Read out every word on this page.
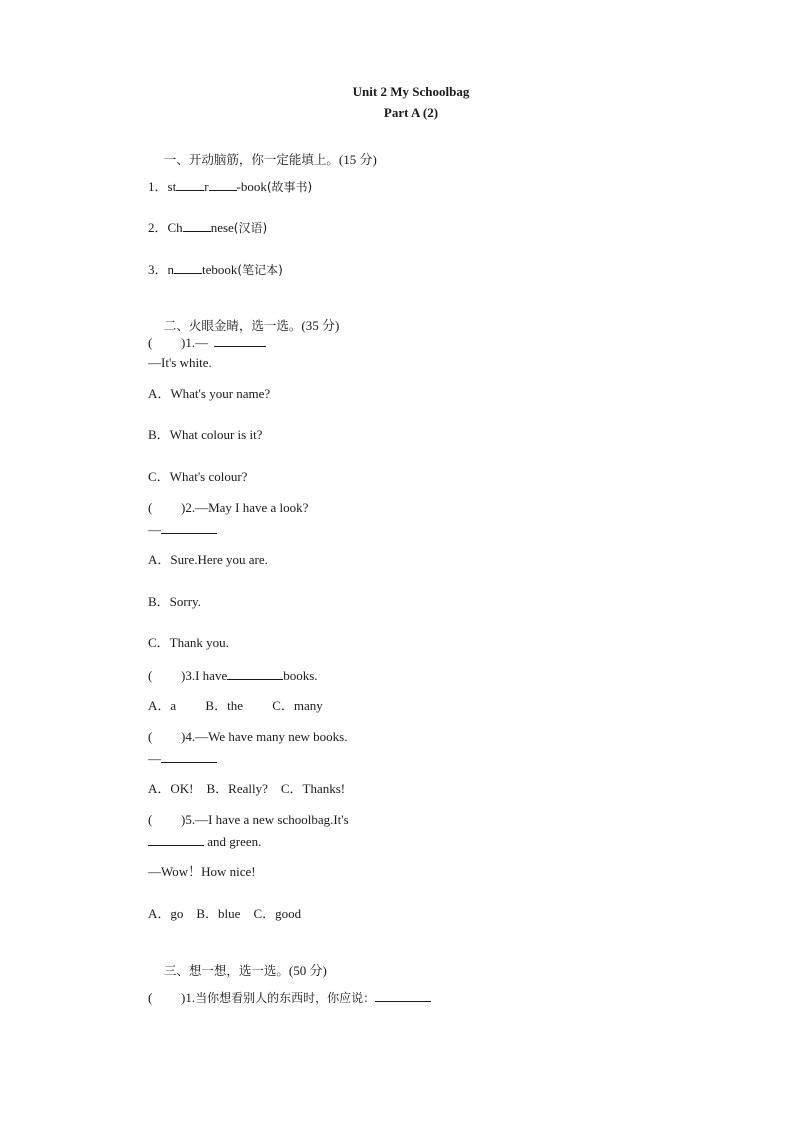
Unit 2 My Schoolbag
Part A (2)

一、开动脑筋，你一定能填上。(15 分)

1．st r -book(故事书)
2．Ch nese(汉语)
3．n tebook(笔记本)

二、火眼金睛，选一选。(35 分)

( )1.—
—It's white.
A．What's your name?
B．What colour is it?
C．What's colour?
( )2.—May I have a look?
—
A．Sure.Here you are.
B．Sorry.
C．Thank you.
( )3.I have	books.
A．a         B．the         C．many
( )4.—We have many new books.
—
A．OK!    B．Really?    C．Thanks!
( )5.—I have a new schoolbag.It's
and green.
—Wow！How nice!
A．go    B．blue    C．good

三、想一想，选一选。(50 分)

( )1.当你想看别人的东西时，你应说：
